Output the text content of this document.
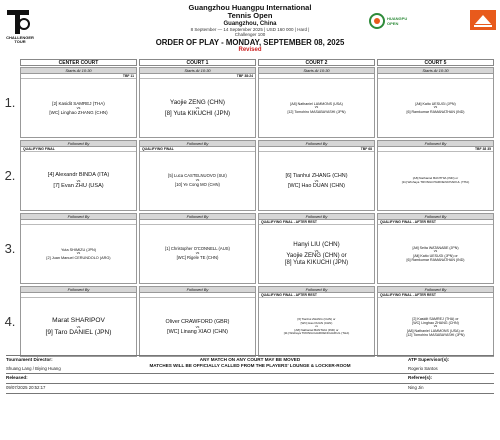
CHALLENGER TOUR
Guangzhou Huangpu International
Tennis Open
Guangzhou, China
8 September — 14 September 2025 | USD 160 000 | Hard |
Challenger 100
HUANGPU OPEN
ORDER OF PLAY - MONDAY, SEPTEMBER 08, 2025
Revised
CENTER COURT	COURT 1	COURT 2	COURT 5
1.
Starts At 10:30
TBF 11
[2] Kasidit SAMREJ (THA)
vs
[WC] Linghao ZHANG (CHN)
Starts At 10:30
TBF 38:24
Yaojie ZENG (CHN)
vs
[8] Yuta KIKUCHI (JPN)
Starts At 10:30
[A8] Nathaniel LAMMONS (USA)
vs
[12] Tomohiro MASABAYASHI (JPN)
Starts At 10:30
[Alt] Kaito UESUGI (JPN)
vs
[6] Ramkumar RAMANATHAN (IND)
2.
Followed By
QUALIFYING FINAL
[4] Alexandr BINDA (ITA)
vs
[7] Evan ZHU (USA)
Followed By
QUALIFYING FINAL
[5] Luca CASTELNUOVO (SUI)
vs
[10] Ye Cong MO (CHN)
Followed By
TBF 68
[6] Tianhui ZHANG (CHN)
vs
[WC] Hao DUAN (CHN)
Followed By
TBF 38 35
[A8] Nathaniel BANTHIA (IND) or
[11] Wishaya TRONGCHAROENCHAIKUL (THA)
3.
Followed By
Yuta SHIMIZU (JPN)
vs
[2] Juan Manuel CERUNDOLO (ARG)
Followed By
[1] Christopher O'CONNELL (AUS)
vs
[WC] Rigele TE (CHN)
Followed By
QUALIFYING FINAL - AFTER REST
Hanyi LIU (CHN)
vs
Yaojie ZENG (CHN) or
[8] Yuta KIKUCHI (JPN)
Followed By
QUALIFYING FINAL - AFTER REST
[Alt] Seita WATANABE (JPN)
vs
[Alt] Kaito UESUGI (JPN) or
[6] Ramkumar RAMANATHAN (IND)
4.
Followed By
Marat SHARIPOV
vs
[9] Taro DANIEL (JPN)
Followed By
Oliver CRAWFORD (GBR)
vs
[WC] Linang XIAO (CHN)
Followed By
QUALIFYING FINAL - AFTER REST
[6] Tianhui ZHANG (CHN) or
[WC] Hao DUAN (CHN)
vs
[A8] Nathaniel BANTHIA (IND) or
[11] Wishaya TRONGCHAROENCHAIKUL (THA)
Followed By
QUALIFYING FINAL - AFTER REST
[2] Kasidit SAMREJ (THA) or
[WC] Linghao ZHANG (CHN)
vs
[A8] Nathaniel LAMMONS (USA) or
[12] Tomohiro MASABAYASHI (JPN)
Tournament Director:
Shuang Lang / Biying Huang
Released:
09/07/2025 20:52:17
ANY MATCH ON ANY COURT MAY BE MOVED
MATCHES WILL BE OFFICIALLY CALLED FROM THE PLAYERS' LOUNGE & LOCKER-ROOM
ATP Supervisor(s):
Rogerio Santos
Referee(s):
Ning Jin
